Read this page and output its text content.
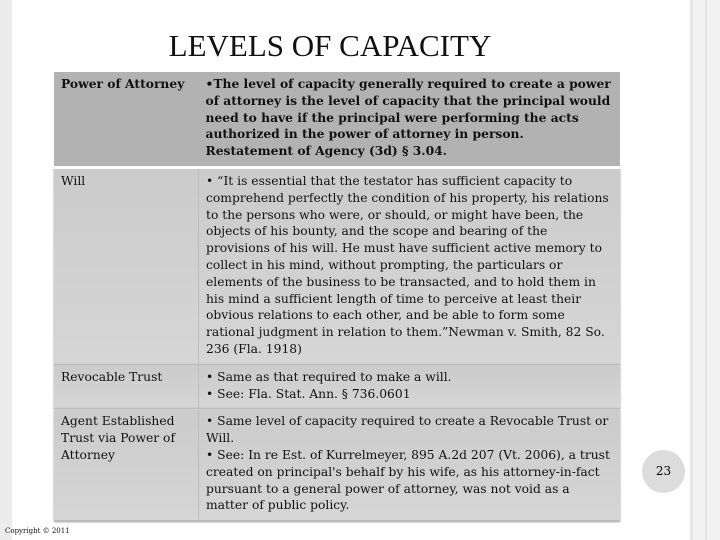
LEVELS OF CAPACITY
Power of Attorney	•The level of capacity generally required to create a power of attorney is the level of capacity that the principal would need to have if the principal were performing the acts authorized in the power of attorney in person. Restatement of Agency (3d) § 3.04.
Will	• “It is essential that the testator has sufficient capacity to comprehend perfectly the condition of his property, his relations to the persons who were, or should, or might have been, the objects of his bounty, and the scope and bearing of the provisions of his will. He must have sufficient active memory to collect in his mind, without prompting, the particulars or elements of the business to be transacted, and to hold them in his mind a sufficient length of time to perceive at least their obvious relations to each other, and be able to form some rational judgment in relation to them.”Newman v. Smith, 82 So. 236 (Fla. 1918)
Revocable Trust	• Same as that required to make a will.
• See: Fla. Stat. Ann. § 736.0601

Agent Established Trust via Power of Attorney	• Same level of capacity required to create a Revocable Trust or Will.
• See: In re Est. of Kurrelmeyer, 895 A.2d 207 (Vt. 2006), a trust created on principal's behalf by his wife, as his attorney-in-fact pursuant to a general power of attorney, was not void as a matter of public policy.
23
Copyright © 2011
